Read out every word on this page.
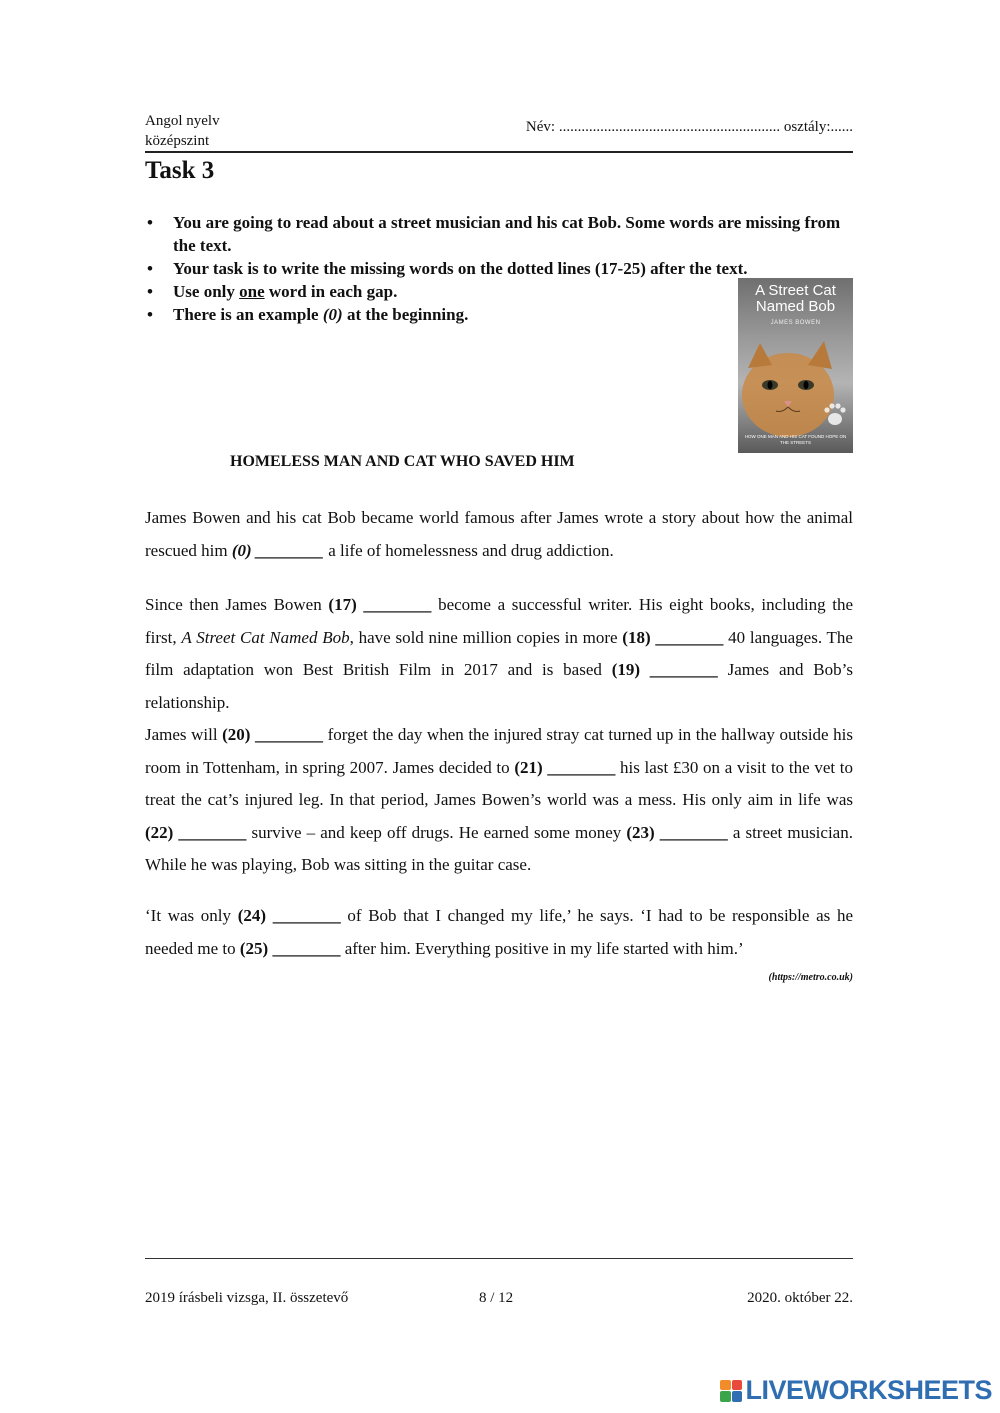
Angol nyelv
középszint
Név: ........................................................... osztály:......
Task 3
• You are going to read about a street musician and his cat Bob. Some words are missing from the text.
• Your task is to write the missing words on the dotted lines (17-25) after the text.
• Use only one word in each gap.
• There is an example (0) at the beginning.
A Street Cat
Named Bob
JAMES BOWEN
HOW ONE MAN AND HIS CAT FOUND HOPE ON THE STREETS
HOMELESS MAN AND CAT WHO SAVED HIM

James Bowen and his cat Bob became world famous after James wrote a story about how the animal rescued him (0) ________ a life of homelessness and drug addiction.

Since then James Bowen (17) ________ become a successful writer. His eight books, including the first, A Street Cat Named Bob, have sold nine million copies in more (18) ________ 40 languages. The film adaptation won Best British Film in 2017 and is based (19) ________ James and Bob’s relationship.
James will (20) ________ forget the day when the injured stray cat turned up in the hallway outside his room in Tottenham, in spring 2007. James decided to (21) ________ his last £30 on a visit to the vet to treat the cat’s injured leg. In that period, James Bowen’s world was a mess. His only aim in life was (22) ________ survive – and keep off drugs. He earned some money (23) ________ a street musician. While he was playing, Bob was sitting in the guitar case.

‘It was only (24) ________ of Bob that I changed my life,’ he says. ‘I had to be responsible as he needed me to (25) ________ after him. Everything positive in my life started with him.’

(https://metro.co.uk)
2019 írásbeli vizsga, II. összetevő	8 / 12	2020. október 22.
LIVEWORKSHEETS
